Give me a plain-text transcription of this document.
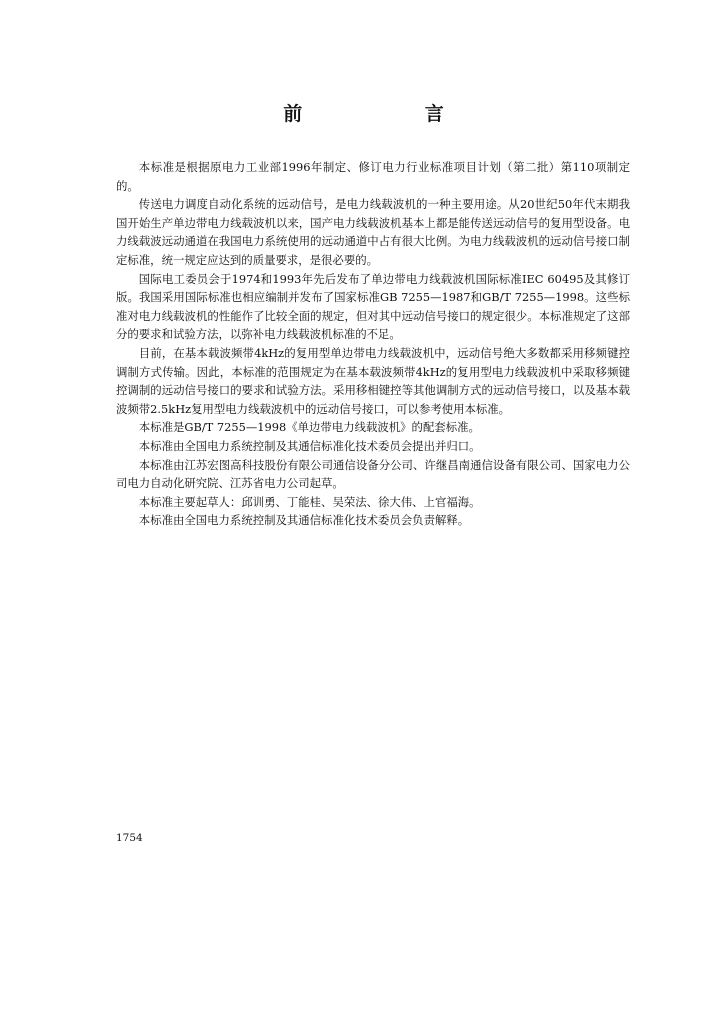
前 言

本标准是根据原电力工业部1996年制定、修订电力行业标准项目计划（第二批）第110项制定的。

传送电力调度自动化系统的远动信号，是电力线载波机的一种主要用途。从20世纪50年代末期我国开始生产单边带电力线载波机以来，国产电力线载波机基本上都是能传送远动信号的复用型设备。电力线载波远动通道在我国电力系统使用的远动通道中占有很大比例。为电力线载波机的远动信号接口制定标准，统一规定应达到的质量要求，是很必要的。

国际电工委员会于1974和1993年先后发布了单边带电力线载波机国际标准IEC 60495及其修订版。我国采用国际标准也相应编制并发布了国家标准GB 7255—1987和GB/T 7255—1998。这些标准对电力线载波机的性能作了比较全面的规定，但对其中远动信号接口的规定很少。本标准规定了这部分的要求和试验方法，以弥补电力线载波机标准的不足。

目前，在基本载波频带4kHz的复用型单边带电力线载波机中，远动信号绝大多数都采用移频键控调制方式传输。因此，本标准的范围规定为在基本载波频带4kHz的复用型电力线载波机中采取移频键控调制的远动信号接口的要求和试验方法。采用移相键控等其他调制方式的远动信号接口，以及基本载波频带2.5kHz复用型电力线载波机中的远动信号接口，可以参考使用本标准。

本标准是GB/T 7255—1998《单边带电力线载波机》的配套标准。

本标准由全国电力系统控制及其通信标准化技术委员会提出并归口。

本标准由江苏宏图高科技股份有限公司通信设备分公司、许继昌南通信设备有限公司、国家电力公司电力自动化研究院、江苏省电力公司起草。

本标准主要起草人：邱训勇、丁能桂、吴荣法、徐大伟、上官福海。

本标准由全国电力系统控制及其通信标准化技术委员会负责解释。

1754
